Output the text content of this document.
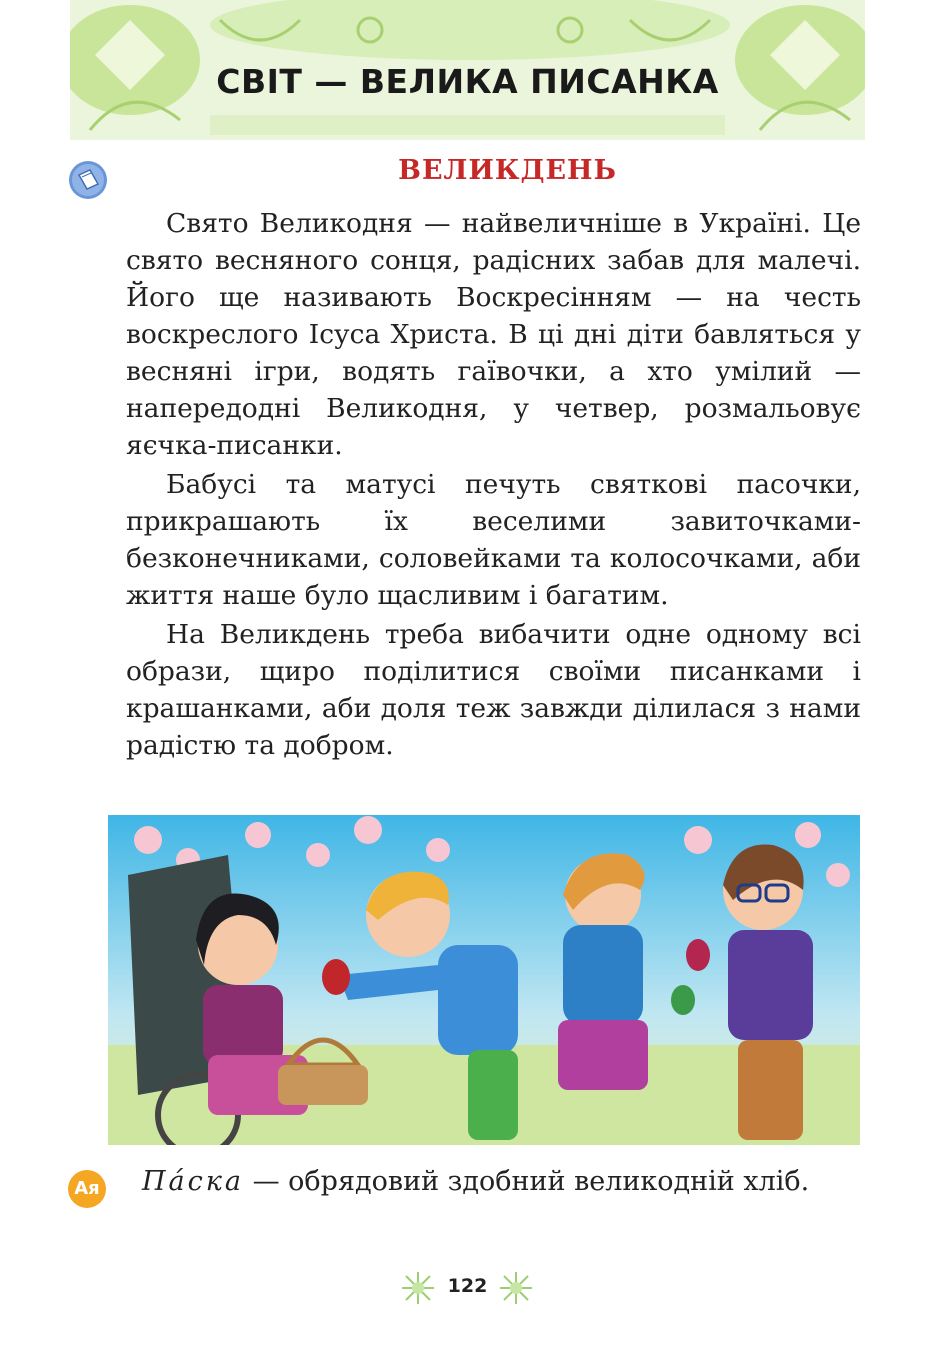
СВІТ — ВЕЛИКА ПИСАНКА
ВЕЛИКДЕНЬ

Свято Великодня — найвеличніше в Україні. Це свято весняного сонця, радісних забав для малечі. Його ще називають Воскресінням — на честь воскреслого Ісуса Христа. В ці дні діти бавляться у весняні ігри, водять гаївочки, а хто умілий — напередодні Великодня, у четвер, розмальовує яєчка-писанки.

Бабусі та матусі печуть святкові пасочки, прикрашають їх веселими завиточками-безконечниками, соловейками та колосочками, аби життя наше було щасливим і багатим.

На Великдень треба вибачити одне одному всі образи, щиро поділитися своїми писанками і крашанками, аби доля теж завжди ділилася з нами радістю та добром.

Ая Па́ска — обрядовий здобний великодній хліб.
122
